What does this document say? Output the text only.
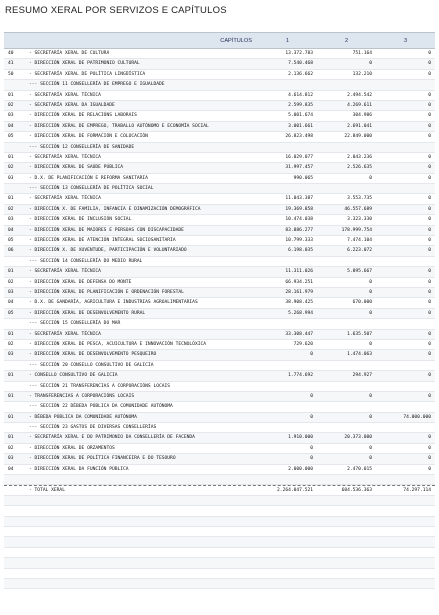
RESUMO XERAL POR SERVIZOS E CAPÍTULOS
CAPÍTULOS	1	2	3
40	- SECRETARÍA XERAL DE CULTURA	13.372.783	751.164	0
41	- DIRECCIÓN XERAL DE PATRIMONIO CULTURAL	7.540.468	0	0
50	- SECRETARÍA XERAL DE POLÍTICA LINGÜÍSTICA	2.136.662	132.210	0
--- SECCIÓN 11 CONSELLERÍA DE EMPREGO E IGUALDADE
01	- SECRETARÍA XERAL TÉCNICA	4.614.812	2.494.542	0
02	- SECRETARÍA XERAL DA IGUALDADE	2.599.835	4.269.611	0
03	- DIRECCIÓN XERAL DE RELACIÓNS LABORAIS	5.001.674	304.986	0
04	- DIRECCIÓN XERAL DE EMPREGO, TRABALLO AUTÓNOMO E ECONOMÍA SOCIAL	3.001.661	2.691.041	0
05	- DIRECCIÓN XERAL DE FORMACIÓN E COLOCACIÓN	26.823.498	22.849.000	0
--- SECCIÓN 12 CONSELLERÍA DE SANIDADE
01	- SECRETARÍA XERAL TÉCNICA	16.029.077	2.043.236	0
02	- DIRECCIÓN XERAL DE SAÚDE PÚBLICA	31.997.457	2.526.635	0
03	- D.X. DE PLANIFICACIÓN E REFORMA SANITARIA	990.065	0	0
--- SECCIÓN 13 CONSELLERÍA DE POLÍTICA SOCIAL
01	- SECRETARÍA XERAL TÉCNICA	11.043.387	3.553.735	0
02	- DIRECCIÓN X. DE FAMILIA, INFANCIA E DINAMIZACIÓN DEMOGRÁFICA	19.369.858	46.557.689	0
03	- DIRECCIÓN XERAL DE INCLUSIÓN SOCIAL	10.474.038	3.323.330	0
04	- DIRECCIÓN XERAL DE MAIORES E PERSOAS CON DISCAPACIDADE	83.886.277	178.999.754	0
05	- DIRECCIÓN XERAL DE ATENCIÓN INTEGRAL SOCIOSANITARIA	10.799.333	7.474.104	0
06	- DIRECCIÓN X. DE XUVENTUDE, PARTICIPACIÓN E VOLUNTARIADO	6.198.035	6.223.072	0
--- SECCIÓN 14 CONSELLERÍA DO MEDIO RURAL
01	- SECRETARÍA XERAL TÉCNICA	11.311.026	5.895.667	0
02	- DIRECCIÓN XERAL DE DEFENSA DO MONTE	66.934.251	0	0
03	- DIRECCIÓN XERAL DE PLANIFICACIÓN E ORDENACIÓN FORESTAL	28.161.979	0	0
04	- D.X. DE GANDARÍA, AGRICULTURA E INDUSTRIAS AGROALIMENTARIAS	38.908.425	670.000	0
05	- DIRECCIÓN XERAL DE DESENVOLVEMENTO RURAL	5.268.994	0	0
--- SECCIÓN 15 CONSELLERÍA DO MAR
01	- SECRETARÍA XERAL TÉCNICA	33.308.447	1.635.507	0
02	- DIRECCIÓN XERAL DE PESCA, ACUICULTURA E INNOVACIÓN TECNOLÓXICA	729.620	0	0
03	- DIRECCIÓN XERAL DE DESENVOLVEMENTO PESQUEIRO	0	1.474.063	0
--- SECCIÓN 20 CONSELLO CONSULTIVO DE GALICIA
01	- CONSELLO CONSULTIVO DE GALICIA	1.774.692	294.927	0
--- SECCIÓN 21 TRANSFERENCIAS A CORPORACIÓNS LOCAIS
01	- TRANSFERENCIAS A CORPORACIÓNS LOCAIS	0	0	0
--- SECCIÓN 22 DÉBEDA PÚBLICA DA COMUNIDADE AUTÓNOMA
01	- DÉBEDA PÚBLICA DA COMUNIDADE AUTÓNOMA	0	0	74.000.000
--- SECCIÓN 23 GASTOS DE DIVERSAS CONSELLERÍAS
01	- SECRETARÍA XERAL E DO PATRIMONIO DA CONSELLERÍA DE FACENDA	1.910.000	20.373.000	0
02	- DIRECCIÓN XERAL DE ORZAMENTOS	0	0	0
03	- DIRECCIÓN XERAL DE POLÍTICA FINANCEIRA E DO TESOURO	0	0	0
04	- DIRECCIÓN XERAL DA FUNCIÓN PÚBLICA	2.000.000	2.470.015	0
- TOTAL XERAL	2.264.047.521	604.536.363	74.297.114
